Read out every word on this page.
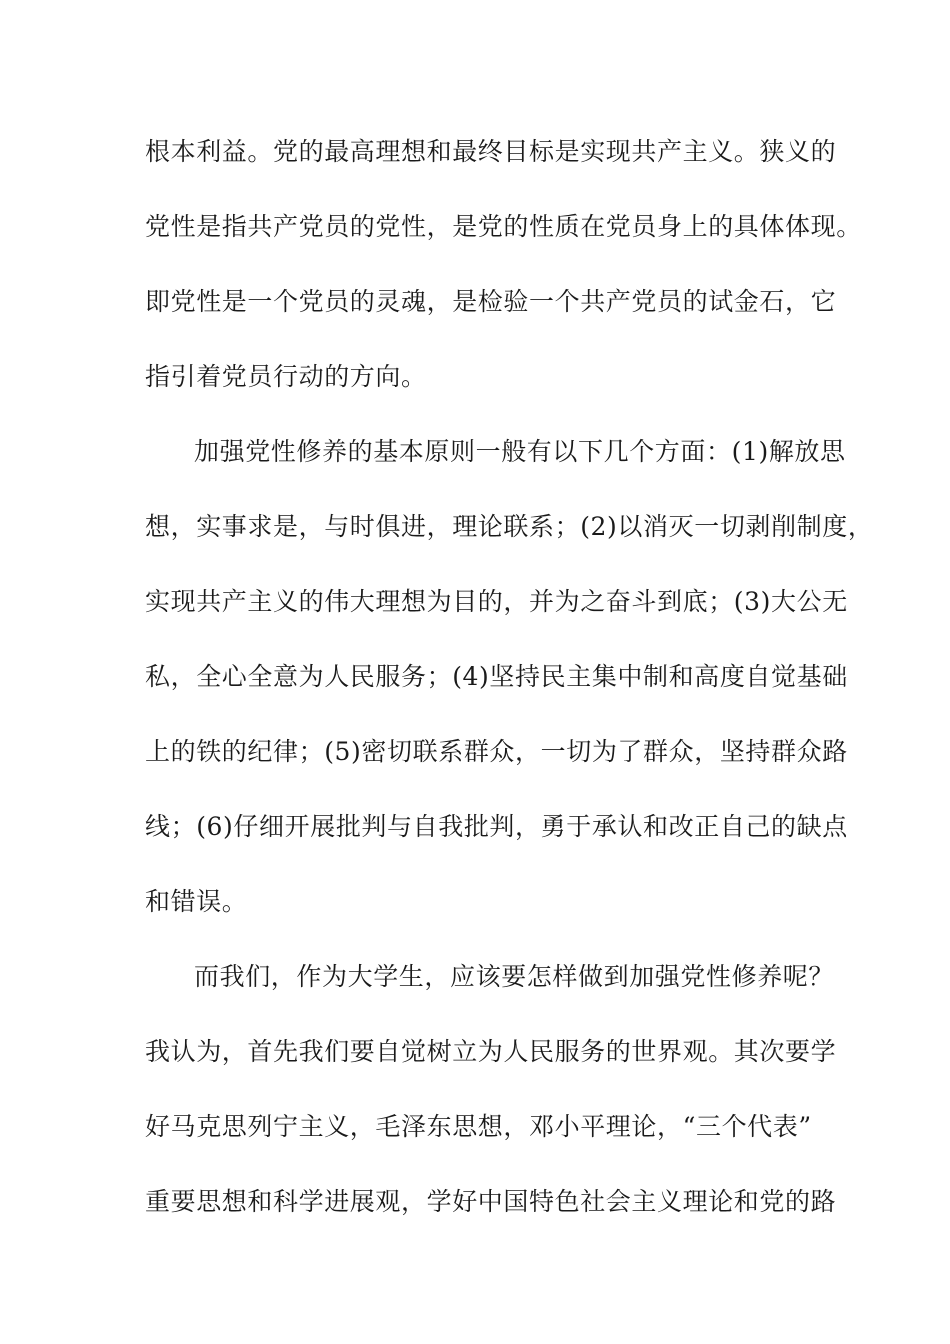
根本利益。党的最高理想和最终目标是实现共产主义。狭义的
党性是指共产党员的党性，是党的性质在党员身上的具体体现。
即党性是一个党员的灵魂，是检验一个共产党员的试金石，它
指引着党员行动的方向。
加强党性修养的基本原则一般有以下几个方面：(1)解放思
想，实事求是，与时俱进，理论联系；(2)以消灭一切剥削制度，
实现共产主义的伟大理想为目的，并为之奋斗到底；(3)大公无
私，全心全意为人民服务；(4)坚持民主集中制和高度自觉基础
上的铁的纪律；(5)密切联系群众，一切为了群众，坚持群众路
线；(6)仔细开展批判与自我批判，勇于承认和改正自己的缺点
和错误。
而我们，作为大学生，应该要怎样做到加强党性修养呢？
我认为，首先我们要自觉树立为人民服务的世界观。其次要学
好马克思列宁主义，毛泽东思想，邓小平理论，“三个代表”
重要思想和科学进展观，学好中国特色社会主义理论和党的路
